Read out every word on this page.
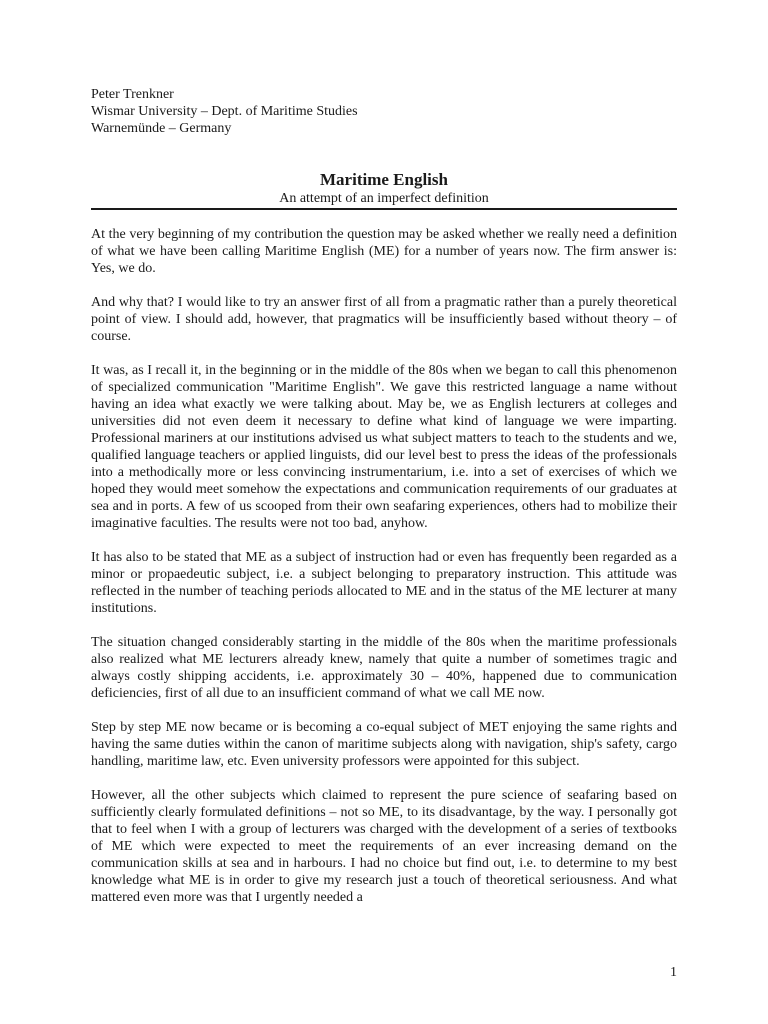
Peter Trenkner
Wismar University – Dept. of Maritime Studies
Warnemünde – Germany
Maritime English
An attempt of an imperfect definition

At the very beginning of my contribution the question may be asked whether we really need a definition of what we have been calling Maritime English (ME) for a number of years now. The firm answer is: Yes, we do.

And why that? I would like to try an answer first of all from a pragmatic rather than a purely theoretical point of view. I should add, however, that pragmatics will be insufficiently based without theory – of course.

It was, as I recall it, in the beginning or in the middle of the 80s when we began to call this phenomenon of specialized communication "Maritime English". We gave this restricted language a name without having an idea what exactly we were talking about. May be, we as English lecturers at colleges and universities did not even deem it necessary to define what kind of language we were imparting. Professional mariners at our institutions advised us what subject matters to teach to the students and we, qualified language teachers or applied linguists, did our level best to press the ideas of the professionals into a methodically more or less convincing instrumentarium, i.e. into a set of exercises of which we hoped they would meet somehow the expectations and communication requirements of our graduates at sea and in ports. A few of us scooped from their own seafaring experiences, others had to mobilize their imaginative faculties. The results were not too bad, anyhow.

It has also to be stated that ME as a subject of instruction had or even has frequently been regarded as a minor or propaedeutic subject, i.e. a subject belonging to preparatory instruction. This attitude was reflected in the number of teaching periods allocated to ME and in the status of the ME lecturer at many institutions.

The situation changed considerably starting in the middle of the 80s when the maritime professionals also realized what ME lecturers already knew, namely that quite a number of sometimes tragic and always costly shipping accidents, i.e. approximately 30 – 40%, happened due to communication deficiencies, first of all due to an insufficient command of what we call ME now.

Step by step ME now became or is becoming a co-equal subject of MET enjoying the same rights and having the same duties within the canon of maritime subjects along with navigation, ship's safety, cargo handling, maritime law, etc. Even university professors were appointed for this subject.

However, all the other subjects which claimed to represent the pure science of seafaring based on sufficiently clearly formulated definitions – not so ME, to its disadvantage, by the way. I personally got that to feel when I with a group of lecturers was charged with the development of a series of textbooks of ME which were expected to meet the requirements of an ever increasing demand on the communication skills at sea and in harbours. I had no choice but find out, i.e. to determine to my best knowledge what ME is in order to give my research just a touch of theoretical seriousness. And what mattered even more was that I urgently needed a

1
